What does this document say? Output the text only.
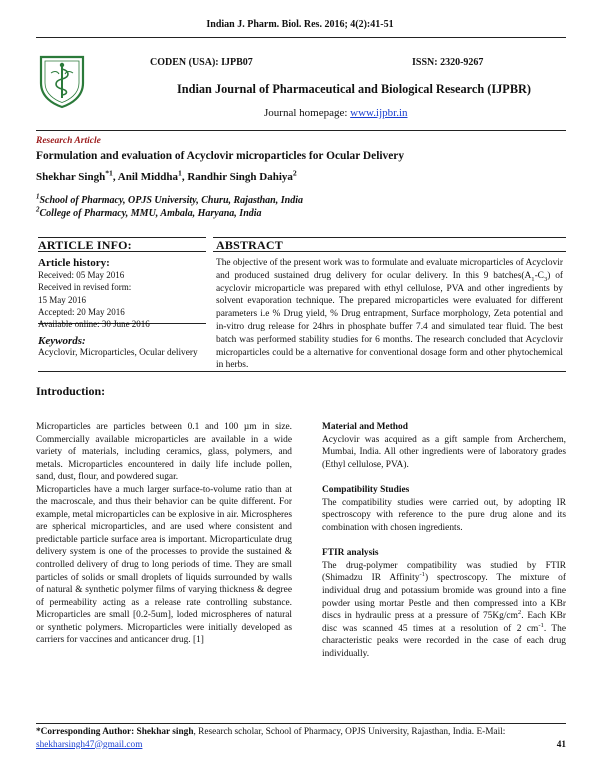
Indian J. Pharm. Biol. Res. 2016; 4(2):41-51
CODEN (USA): IJPB07	ISSN: 2320-9267
Indian Journal of Pharmaceutical and Biological Research (IJPBR)
Journal homepage: www.ijpbr.in
Research Article
Formulation and evaluation of Acyclovir microparticles for Ocular Delivery
Shekhar Singh$^{*1}$, Anil Middha$^1$, Randhir Singh Dahiya$^2$
$^1$School of Pharmacy, OPJS University, Churu, Rajasthan, India
$^2$College of Pharmacy, MMU, Ambala, Haryana, India
ARTICLE INFO:
Article history:
Received: 05 May 2016
Received in revised form:
15 May 2016
Accepted: 20 May 2016
Available online: 30 June 2016
Keywords:
Acyclovir, Microparticles, Ocular delivery
ABSTRACT
The objective of the present work was to formulate and evaluate microparticles of Acyclovir and produced sustained drug delivery for ocular delivery. In this 9 $batches(A_1-C_3)$ of acyclovir microparticle was prepared with ethyl cellulose, PVA and other ingredients by solvent evaporation technique. The prepared microparticles were evaluated for different parameters i.e % Drug yield, % Drug entrapment, Surface morphology, Zeta potential and in-vitro drug release for 24hrs in phosphate buffer 7.4 and simulated tear fluid. The best batch was performed stability studies for 6 months. The research concluded that Acyclovir microparticles could be a alternative for conventional dosage form and other phytochemical in herbs.
Introduction:

Microparticles are particles between 0.1 and 100 µm in size. Commercially available microparticles are available in a wide variety of materials, including ceramics, glass, polymers, and metals. Microparticles encountered in daily life include pollen, sand, dust, flour, and powdered sugar.

Microparticles have a much larger surface-to-volume ratio than at the macroscale, and thus their behavior can be quite different. For example, metal microparticles can be explosive in air. Microspheres are spherical microparticles, and are used where consistent and predictable particle surface area is important. Microparticulate drug delivery system is one of the processes to provide the sustained & controlled delivery of drug to long periods of time. They are small particles of solids or small droplets of liquids surrounded by walls of natural & synthetic polymer films of varying thickness & degree of permeability acting as a release rate controlling substance. Microparticles are small [0.2-5um], loded microspheres of natural or synthetic polymers. Microparticles were initially developed as carriers for vaccines and anticancer drug. [1]

Material and Method

Acyclovir was acquired as a gift sample from Archerchem, Mumbai, India. All other ingredients were of laboratory grades (Ethyl cellulose, PVA).

Compatibility Studies

The compatibility studies were carried out, by adopting IR spectroscopy with reference to the pure drug alone and its combination with chosen ingredients.

FTIR analysis

The drug-polymer compatibility was studied by FTIR (Shimadzu IR Affinity$^{-1}$) spectroscopy. The mixture of individual drug and potassium bromide was ground into a fine powder using mortar Pestle and then compressed into a KBr discs in hydraulic press at a pressure of $75Kg/cm^2$. Each KBr disc was scanned 45 times at a resolution of 2 $cm^{-1}$. The characteristic peaks were recorded in the case of each drug individually.

*Corresponding Author: Shekhar singh, Research scholar, School of Pharmacy, OPJS University, Rajasthan, India. E-Mail:
shekharsingh47@gmail.com	41
